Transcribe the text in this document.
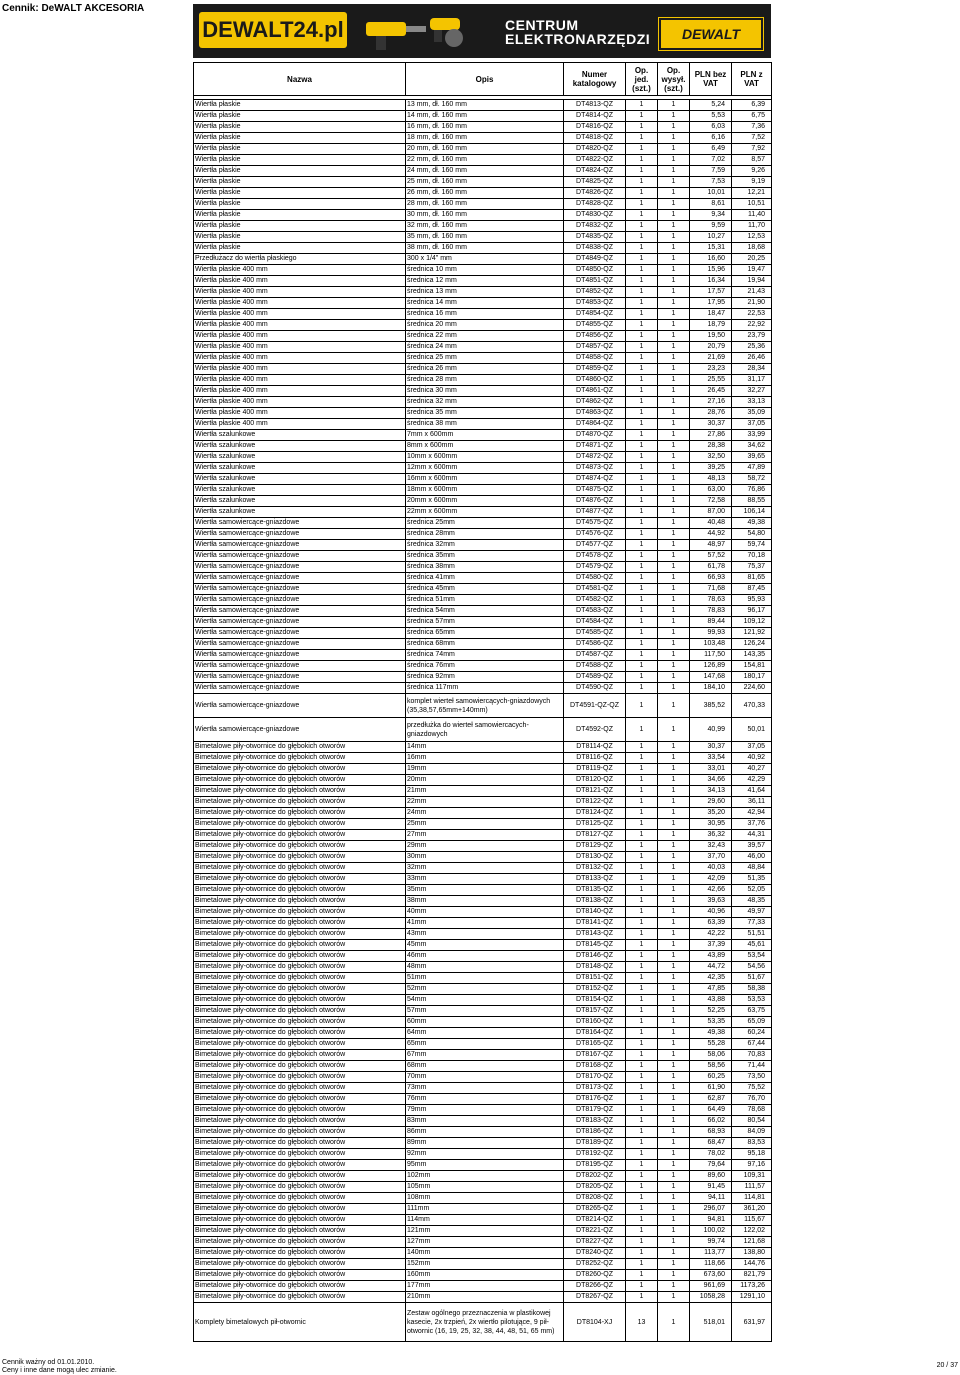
Cennik: DeWALT AKCESORIA
DEWALT24.pl	CENTRUM
ELEKTRONARZĘDZI	DEWALT
Nazwa	Opis	Numer katalogowy	Op. jed. (szt.)	Op. wysył. (szt.)	PLN bez VAT	PLN z VAT

Wiertła płaskie	13 mm, dł. 160 mm	DT4813-QZ	1	1	5,24	6,39
Wiertła płaskie	14 mm, dł. 160 mm	DT4814-QZ	1	1	5,53	6,75
Wiertła płaskie	16 mm, dł. 160 mm	DT4816-QZ	1	1	6,03	7,36
Wiertła płaskie	18 mm, dł. 160 mm	DT4818-QZ	1	1	6,16	7,52
Wiertła płaskie	20 mm, dł. 160 mm	DT4820-QZ	1	1	6,49	7,92
Wiertła płaskie	22 mm, dł. 160 mm	DT4822-QZ	1	1	7,02	8,57
Wiertła płaskie	24 mm, dł. 160 mm	DT4824-QZ	1	1	7,59	9,26
Wiertła płaskie	25 mm, dł. 160 mm	DT4825-QZ	1	1	7,53	9,19
Wiertła płaskie	26 mm, dł. 160 mm	DT4826-QZ	1	1	10,01	12,21
Wiertła płaskie	28 mm, dł. 160 mm	DT4828-QZ	1	1	8,61	10,51
Wiertła płaskie	30 mm, dł. 160 mm	DT4830-QZ	1	1	9,34	11,40
Wiertła płaskie	32 mm, dł. 160 mm	DT4832-QZ	1	1	9,59	11,70
Wiertła płaskie	35 mm, dł. 160 mm	DT4835-QZ	1	1	10,27	12,53
Wiertła płaskie	38 mm, dł. 160 mm	DT4838-QZ	1	1	15,31	18,68
Przedłużacz do wiertła płaskiego	300 x 1/4" mm	DT4849-QZ	1	1	16,60	20,25
Wiertła płaskie 400 mm	średnica 10 mm	DT4850-QZ	1	1	15,96	19,47
Wiertła płaskie 400 mm	średnica 12 mm	DT4851-QZ	1	1	16,34	19,94
Wiertła płaskie 400 mm	średnica 13 mm	DT4852-QZ	1	1	17,57	21,43
Wiertła płaskie 400 mm	średnica 14 mm	DT4853-QZ	1	1	17,95	21,90
Wiertła płaskie 400 mm	średnica 16 mm	DT4854-QZ	1	1	18,47	22,53
Wiertła płaskie 400 mm	średnica 20 mm	DT4855-QZ	1	1	18,79	22,92
Wiertła płaskie 400 mm	średnica 22 mm	DT4856-QZ	1	1	19,50	23,79
Wiertła płaskie 400 mm	średnica 24 mm	DT4857-QZ	1	1	20,79	25,36
Wiertła płaskie 400 mm	średnica 25 mm	DT4858-QZ	1	1	21,69	26,46
Wiertła płaskie 400 mm	średnica 26 mm	DT4859-QZ	1	1	23,23	28,34
Wiertła płaskie 400 mm	średnica 28 mm	DT4860-QZ	1	1	25,55	31,17
Wiertła płaskie 400 mm	średnica 30 mm	DT4861-QZ	1	1	26,45	32,27
Wiertła płaskie 400 mm	średnica 32 mm	DT4862-QZ	1	1	27,16	33,13
Wiertła płaskie 400 mm	średnica 35 mm	DT4863-QZ	1	1	28,76	35,09
Wiertła płaskie 400 mm	średnica 38 mm	DT4864-QZ	1	1	30,37	37,05
Wiertła szalunkowe	7mm x 600mm	DT4870-QZ	1	1	27,86	33,99
Wiertła szalunkowe	8mm x 600mm	DT4871-QZ	1	1	28,38	34,62
Wiertła szalunkowe	10mm x 600mm	DT4872-QZ	1	1	32,50	39,65
Wiertła szalunkowe	12mm x 600mm	DT4873-QZ	1	1	39,25	47,89
Wiertła szalunkowe	16mm x 600mm	DT4874-QZ	1	1	48,13	58,72
Wiertła szalunkowe	18mm x 600mm	DT4875-QZ	1	1	63,00	76,86
Wiertła szalunkowe	20mm x 600mm	DT4876-QZ	1	1	72,58	88,55
Wiertła szalunkowe	22mm x 600mm	DT4877-QZ	1	1	87,00	106,14
Wiertła samowiercące-gniazdowe	średnica 25mm	DT4575-QZ	1	1	40,48	49,38
Wiertła samowiercące-gniazdowe	średnica 28mm	DT4576-QZ	1	1	44,92	54,80
Wiertła samowiercące-gniazdowe	średnica 32mm	DT4577-QZ	1	1	48,97	59,74
Wiertła samowiercące-gniazdowe	średnica 35mm	DT4578-QZ	1	1	57,52	70,18
Wiertła samowiercące-gniazdowe	średnica 38mm	DT4579-QZ	1	1	61,78	75,37
Wiertła samowiercące-gniazdowe	średnica 41mm	DT4580-QZ	1	1	66,93	81,65
Wiertła samowiercące-gniazdowe	średnica 45mm	DT4581-QZ	1	1	71,68	87,45
Wiertła samowiercące-gniazdowe	średnica 51mm	DT4582-QZ	1	1	78,63	95,93
Wiertła samowiercące-gniazdowe	średnica 54mm	DT4583-QZ	1	1	78,83	96,17
Wiertła samowiercące-gniazdowe	średnica 57mm	DT4584-QZ	1	1	89,44	109,12
Wiertła samowiercące-gniazdowe	średnica 65mm	DT4585-QZ	1	1	99,93	121,92
Wiertła samowiercące-gniazdowe	średnica 68mm	DT4586-QZ	1	1	103,48	126,24
Wiertła samowiercące-gniazdowe	średnica 74mm	DT4587-QZ	1	1	117,50	143,35
Wiertła samowiercące-gniazdowe	średnica 76mm	DT4588-QZ	1	1	126,89	154,81
Wiertła samowiercące-gniazdowe	średnica 92mm	DT4589-QZ	1	1	147,68	180,17
Wiertła samowiercące-gniazdowe	średnica 117mm	DT4590-QZ	1	1	184,10	224,60
Wiertła samowiercące-gniazdowe	komplet wierteł samowiercących-gniazdowych (35,38,57,65mm+140mm)	DT4591-QZ-QZ	1	1	385,52	470,33
Wiertła samowiercące-gniazdowe	przedłużka do wierteł samowiercacych-gniazdowych	DT4592-QZ	1	1	40,99	50,01
Bimetalowe piły-otwornice do głębokich otworów	14mm	DT8114-QZ	1	1	30,37	37,05
Bimetalowe piły-otwornice do głębokich otworów	16mm	DT8116-QZ	1	1	33,54	40,92
Bimetalowe piły-otwornice do głębokich otworów	19mm	DT8119-QZ	1	1	33,01	40,27
Bimetalowe piły-otwornice do głębokich otworów	20mm	DT8120-QZ	1	1	34,66	42,29
Bimetalowe piły-otwornice do głębokich otworów	21mm	DT8121-QZ	1	1	34,13	41,64
Bimetalowe piły-otwornice do głębokich otworów	22mm	DT8122-QZ	1	1	29,60	36,11
Bimetalowe piły-otwornice do głębokich otworów	24mm	DT8124-QZ	1	1	35,20	42,94
Bimetalowe piły-otwornice do głębokich otworów	25mm	DT8125-QZ	1	1	30,95	37,76
Bimetalowe piły-otwornice do głębokich otworów	27mm	DT8127-QZ	1	1	36,32	44,31
Bimetalowe piły-otwornice do głębokich otworów	29mm	DT8129-QZ	1	1	32,43	39,57
Bimetalowe piły-otwornice do głębokich otworów	30mm	DT8130-QZ	1	1	37,70	46,00
Bimetalowe piły-otwornice do głębokich otworów	32mm	DT8132-QZ	1	1	40,03	48,84
Bimetalowe piły-otwornice do głębokich otworów	33mm	DT8133-QZ	1	1	42,09	51,35
Bimetalowe piły-otwornice do głębokich otworów	35mm	DT8135-QZ	1	1	42,66	52,05
Bimetalowe piły-otwornice do głębokich otworów	38mm	DT8138-QZ	1	1	39,63	48,35
Bimetalowe piły-otwornice do głębokich otworów	40mm	DT8140-QZ	1	1	40,96	49,97
Bimetalowe piły-otwornice do głębokich otworów	41mm	DT8141-QZ	1	1	63,39	77,33
Bimetalowe piły-otwornice do głębokich otworów	43mm	DT8143-QZ	1	1	42,22	51,51
Bimetalowe piły-otwornice do głębokich otworów	45mm	DT8145-QZ	1	1	37,39	45,61
Bimetalowe piły-otwornice do głębokich otworów	46mm	DT8146-QZ	1	1	43,89	53,54
Bimetalowe piły-otwornice do głębokich otworów	48mm	DT8148-QZ	1	1	44,72	54,56
Bimetalowe piły-otwornice do głębokich otworów	51mm	DT8151-QZ	1	1	42,35	51,67
Bimetalowe piły-otwornice do głębokich otworów	52mm	DT8152-QZ	1	1	47,85	58,38
Bimetalowe piły-otwornice do głębokich otworów	54mm	DT8154-QZ	1	1	43,88	53,53
Bimetalowe piły-otwornice do głębokich otworów	57mm	DT8157-QZ	1	1	52,25	63,75
Bimetalowe piły-otwornice do głębokich otworów	60mm	DT8160-QZ	1	1	53,35	65,09
Bimetalowe piły-otwornice do głębokich otworów	64mm	DT8164-QZ	1	1	49,38	60,24
Bimetalowe piły-otwornice do głębokich otworów	65mm	DT8165-QZ	1	1	55,28	67,44
Bimetalowe piły-otwornice do głębokich otworów	67mm	DT8167-QZ	1	1	58,06	70,83
Bimetalowe piły-otwornice do głębokich otworów	68mm	DT8168-QZ	1	1	58,56	71,44
Bimetalowe piły-otwornice do głębokich otworów	70mm	DT8170-QZ	1	1	60,25	73,50
Bimetalowe piły-otwornice do głębokich otworów	73mm	DT8173-QZ	1	1	61,90	75,52
Bimetalowe piły-otwornice do głębokich otworów	76mm	DT8176-QZ	1	1	62,87	76,70
Bimetalowe piły-otwornice do głębokich otworów	79mm	DT8179-QZ	1	1	64,49	78,68
Bimetalowe piły-otwornice do głębokich otworów	83mm	DT8183-QZ	1	1	66,02	80,54
Bimetalowe piły-otwornice do głębokich otworów	86mm	DT8186-QZ	1	1	68,93	84,09
Bimetalowe piły-otwornice do głębokich otworów	89mm	DT8189-QZ	1	1	68,47	83,53
Bimetalowe piły-otwornice do głębokich otworów	92mm	DT8192-QZ	1	1	78,02	95,18
Bimetalowe piły-otwornice do głębokich otworów	95mm	DT8195-QZ	1	1	79,64	97,16
Bimetalowe piły-otwornice do głębokich otworów	102mm	DT8202-QZ	1	1	89,60	109,31
Bimetalowe piły-otwornice do głębokich otworów	105mm	DT8205-QZ	1	1	91,45	111,57
Bimetalowe piły-otwornice do głębokich otworów	108mm	DT8208-QZ	1	1	94,11	114,81
Bimetalowe piły-otwornice do głębokich otworów	111mm	DT8265-QZ	1	1	296,07	361,20
Bimetalowe piły-otwornice do głębokich otworów	114mm	DT8214-QZ	1	1	94,81	115,67
Bimetalowe piły-otwornice do głębokich otworów	121mm	DT8221-QZ	1	1	100,02	122,02
Bimetalowe piły-otwornice do głębokich otworów	127mm	DT8227-QZ	1	1	99,74	121,68
Bimetalowe piły-otwornice do głębokich otworów	140mm	DT8240-QZ	1	1	113,77	138,80
Bimetalowe piły-otwornice do głębokich otworów	152mm	DT8252-QZ	1	1	118,66	144,76
Bimetalowe piły-otwornice do głębokich otworów	160mm	DT8260-QZ	1	1	673,60	821,79
Bimetalowe piły-otwornice do głębokich otworów	177mm	DT8266-QZ	1	1	961,69	1173,26
Bimetalowe piły-otwornice do głębokich otworów	210mm	DT8267-QZ	1	1	1058,28	1291,10
Komplety bimetalowych pił-otwornic	Zestaw ogólnego przeznaczenia w plastikowej kasecie, 2x trzpień, 2x wiertło pilotujące, 9 pił-otwornic (16, 19, 25, 32, 38, 44, 48, 51, 65 mm)	DT8104-XJ	13	1	518,01	631,97
Cennik ważny od 01.01.2010.
Ceny i inne dane mogą ulec zmianie.
20 / 37
